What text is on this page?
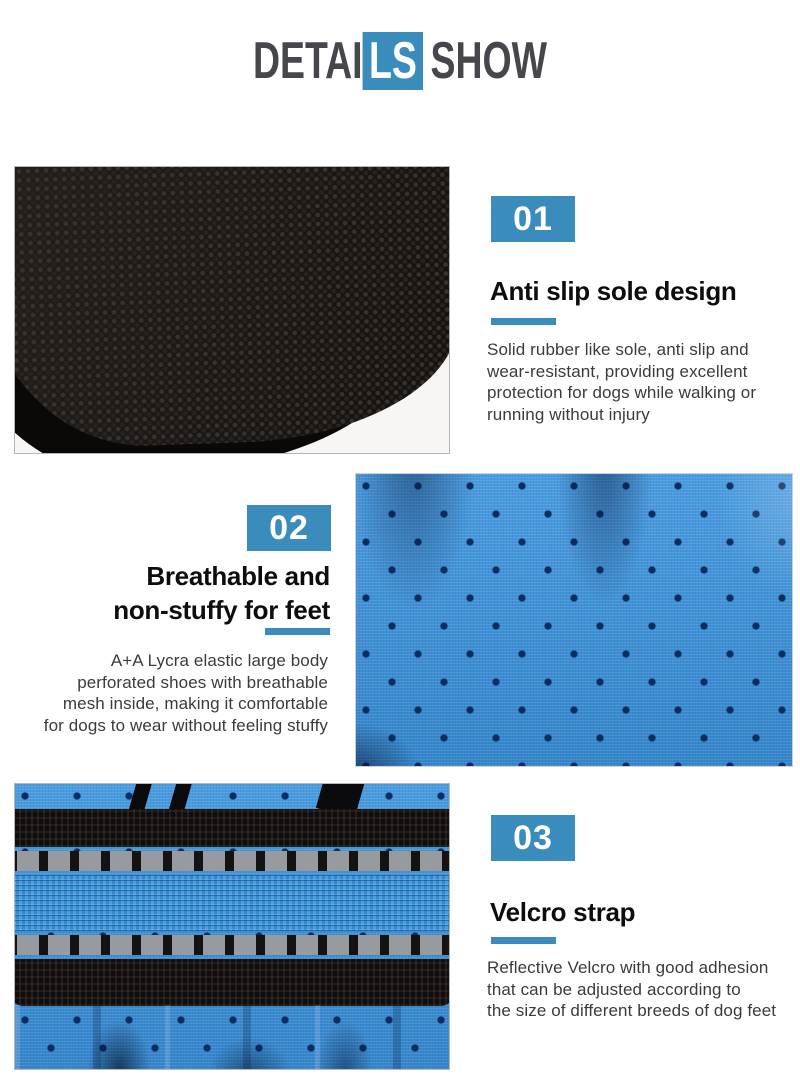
DETAI LS SHOW
01
Anti slip sole design
Solid rubber like sole, anti slip and
wear-resistant, providing excellent
protection for dogs while walking or
running without injury
02
Breathable and
non-stuffy for feet
A+A Lycra elastic large body
perforated shoes with breathable
mesh inside, making it comfortable
for dogs to wear without feeling stuffy
03
Velcro strap
Reflective Velcro with good adhesion
that can be adjusted according to
the size of different breeds of dog feet
